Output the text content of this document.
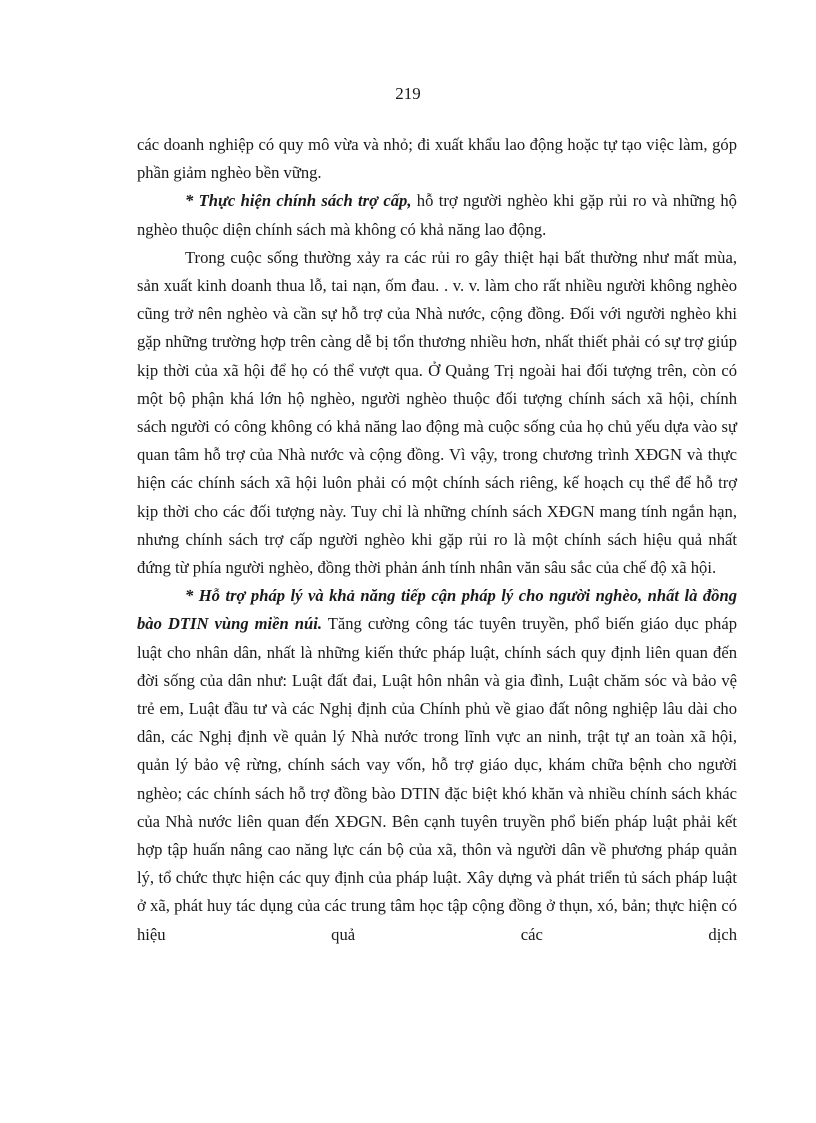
219

các doanh nghiệp có quy mô vừa và nhỏ; đi xuất khẩu lao động hoặc tự tạo việc làm, góp phần giảm nghèo bền vững.

* Thực hiện chính sách trợ cấp, hỗ trợ người nghèo khi gặp rủi ro và những hộ nghèo thuộc diện chính sách mà không có khả năng lao động.

Trong cuộc sống thường xảy ra các rủi ro gây thiệt hại bất thường như mất mùa, sản xuất kinh doanh thua lỗ, tai nạn, ốm đau. . v. v. làm cho rất nhiều người không nghèo cũng trở nên nghèo và cần sự hỗ trợ của Nhà nước, cộng đồng. Đối với người nghèo khi gặp những trường hợp trên càng dễ bị tổn thương nhiều hơn, nhất thiết phải có sự trợ giúp kịp thời của xã hội để họ có thể vượt qua. Ở Quảng Trị ngoài hai đối tượng trên, còn có một bộ phận khá lớn hộ nghèo, người nghèo thuộc đối tượng chính sách xã hội, chính sách người có công không có khả năng lao động mà cuộc sống của họ chủ yếu dựa vào sự quan tâm hỗ trợ của Nhà nước và cộng đồng. Vì vậy, trong chương trình XĐGN và thực hiện các chính sách xã hội luôn phải có một chính sách riêng, kế hoạch cụ thể để hỗ trợ kịp thời cho các đối tượng này. Tuy chỉ là những chính sách XĐGN mang tính ngắn hạn, nhưng chính sách trợ cấp người nghèo khi gặp rủi ro là một chính sách hiệu quả nhất đứng từ phía người nghèo, đồng thời phản ánh tính nhân văn sâu sắc của chế độ xã hội.

* Hỗ trợ pháp lý và khả năng tiếp cận pháp lý cho người nghèo, nhất là đồng bào DTIN vùng miền núi. Tăng cường công tác tuyên truyền, phổ biến giáo dục pháp luật cho nhân dân, nhất là những kiến thức pháp luật, chính sách quy định liên quan đến đời sống của dân như: Luật đất đai, Luật hôn nhân và gia đình, Luật chăm sóc và bảo vệ trẻ em, Luật đầu tư và các Nghị định của Chính phủ về giao đất nông nghiệp lâu dài cho dân, các Nghị định về quản lý Nhà nước trong lĩnh vực an ninh, trật tự an toàn xã hội, quản lý bảo vệ rừng, chính sách vay vốn, hỗ trợ giáo dục, khám chữa bệnh cho người nghèo; các chính sách hỗ trợ đồng bào DTIN đặc biệt khó khăn và nhiều chính sách khác của Nhà nước liên quan đến XĐGN. Bên cạnh tuyên truyền phổ biến pháp luật phải kết hợp tập huấn nâng cao năng lực cán bộ của xã, thôn và người dân về phương pháp quản lý, tổ chức thực hiện các quy định của pháp luật. Xây dựng và phát triển tủ sách pháp luật ở xã, phát huy tác dụng của các trung tâm học tập cộng đồng ở thụn, xó, bản; thực hiện có hiệu quả các dịch
